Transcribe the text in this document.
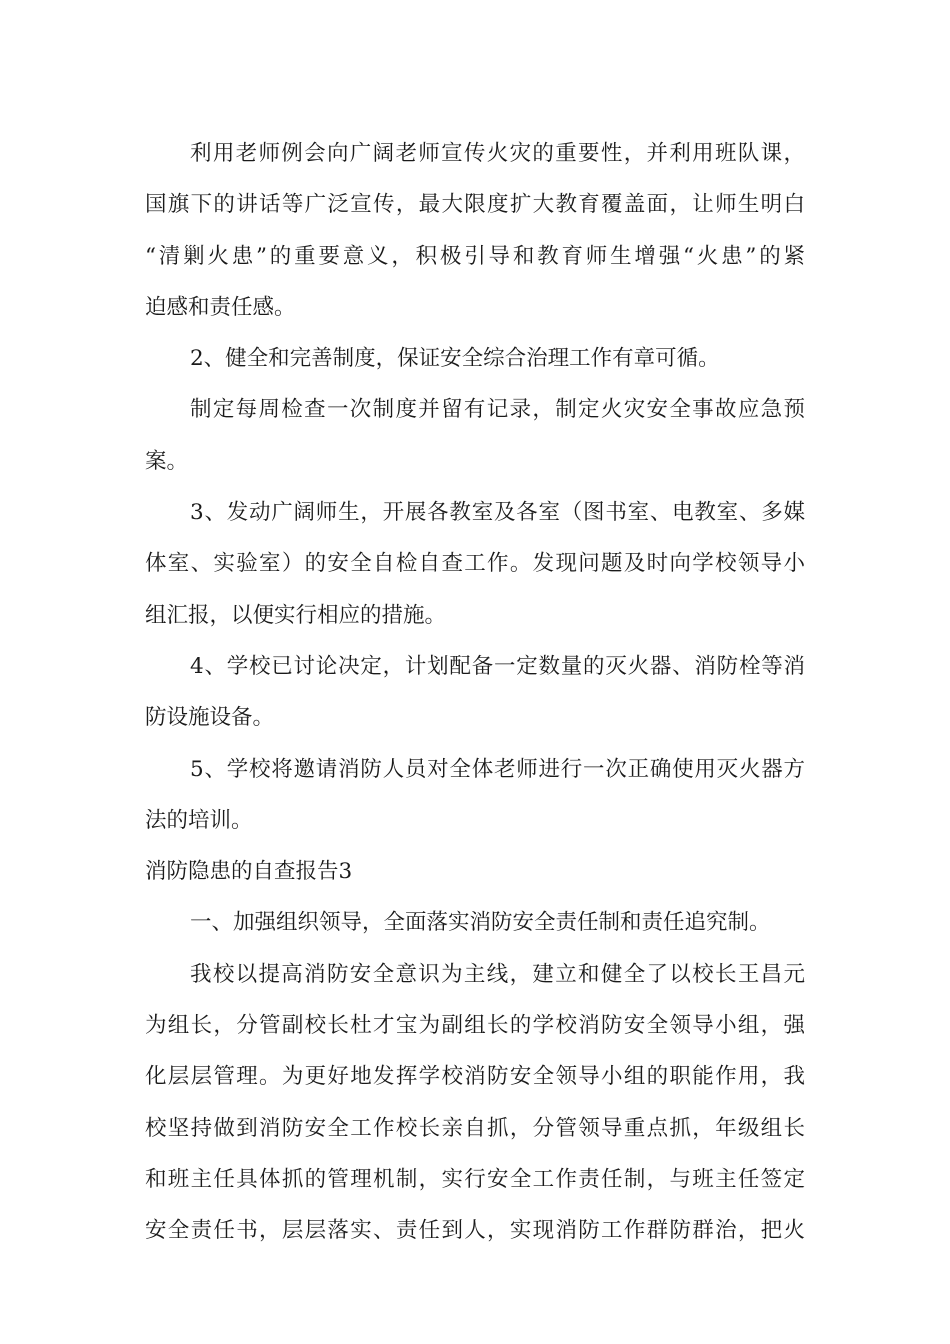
利用老师例会向广阔老师宣传火灾的重要性，并利用班队课，
国旗下的讲话等广泛宣传，最大限度扩大教育覆盖面，让师生明白
“清剿火患”的重要意义，积极引导和教育师生增强“火患”的紧
迫感和责任感。
2、健全和完善制度，保证安全综合治理工作有章可循。
制定每周检查一次制度并留有记录，制定火灾安全事故应急预
案。
3、发动广阔师生，开展各教室及各室（图书室、电教室、多媒
体室、实验室）的安全自检自查工作。发现问题及时向学校领导小
组汇报，以便实行相应的措施。
4、学校已讨论决定，计划配备一定数量的灭火器、消防栓等消
防设施设备。
5、学校将邀请消防人员对全体老师进行一次正确使用灭火器方
法的培训。
消防隐患的自查报告3
一、加强组织领导，全面落实消防安全责任制和责任追究制。
我校以提高消防安全意识为主线，建立和健全了以校长王昌元
为组长，分管副校长杜才宝为副组长的学校消防安全领导小组，强
化层层管理。为更好地发挥学校消防安全领导小组的职能作用，我
校坚持做到消防安全工作校长亲自抓，分管领导重点抓，年级组长
和班主任具体抓的管理机制，实行安全工作责任制，与班主任签定
安全责任书，层层落实、责任到人，实现消防工作群防群治，把火
